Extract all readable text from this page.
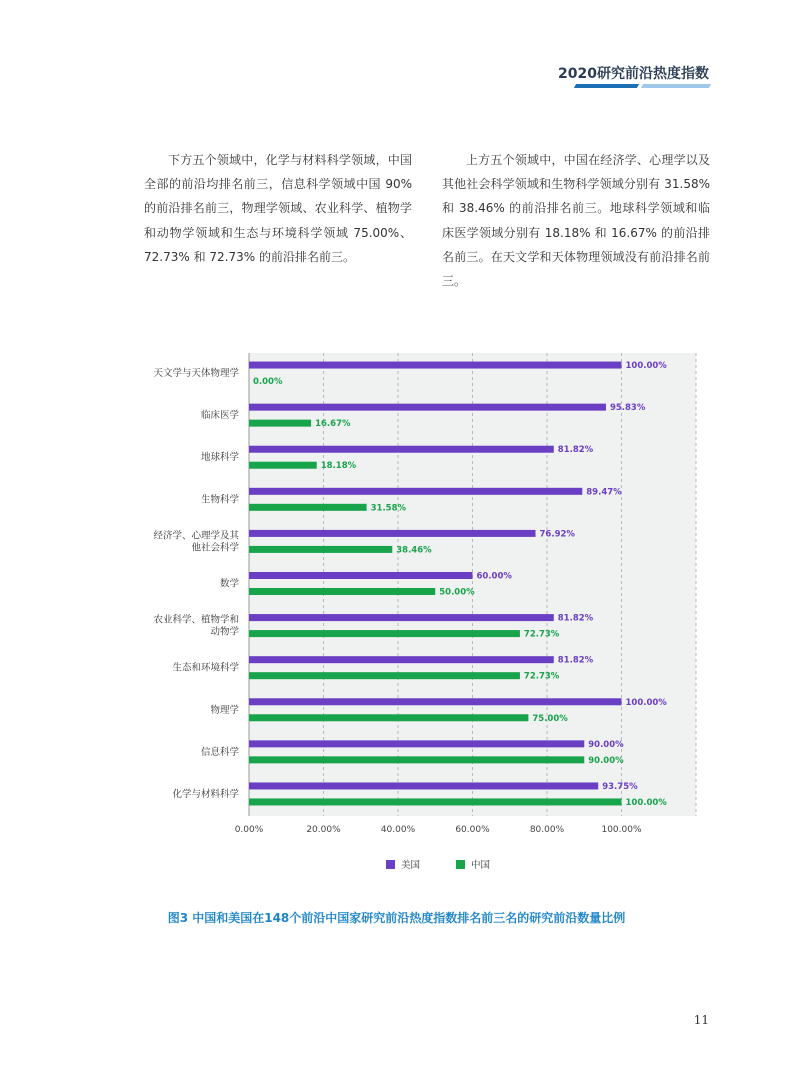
2020研究前沿热度指数
下方五个领域中，化学与材料科学领域，中国全部的前沿均排名前三，信息科学领域中国 90% 的前沿排名前三，物理学领域、农业科学、植物学和动物学领域和生态与环境科学领域 75.00%、72.73% 和 72.73% 的前沿排名前三。
上方五个领域中，中国在经济学、心理学以及其他社会科学领域和生物科学领域分别有 31.58% 和 38.46% 的前沿排名前三。地球科学领域和临床医学领域分别有 18.18% 和 16.67% 的前沿排名前三。在天文学和天体物理领域没有前沿排名前三。
0.00%	20.00%	40.00%	60.00%	80.00%	100.00%
天文学与天体物理学
100.00%
0.00%
临床医学
95.83%
16.67%
地球科学
81.82%
18.18%
生物科学
89.47%
31.58%
经济学、心理学及其
他社会科学
76.92%
38.46%
数学
60.00%
50.00%
农业科学、植物学和
动物学
81.82%
72.73%
生态和环境科学
81.82%
72.73%
物理学
100.00%
75.00%
信息科学
90.00%
90.00%
化学与材料科学
93.75%
100.00%
美国	中国
图3 中国和美国在148个前沿中国家研究前沿热度指数排名前三名的研究前沿数量比例
11
